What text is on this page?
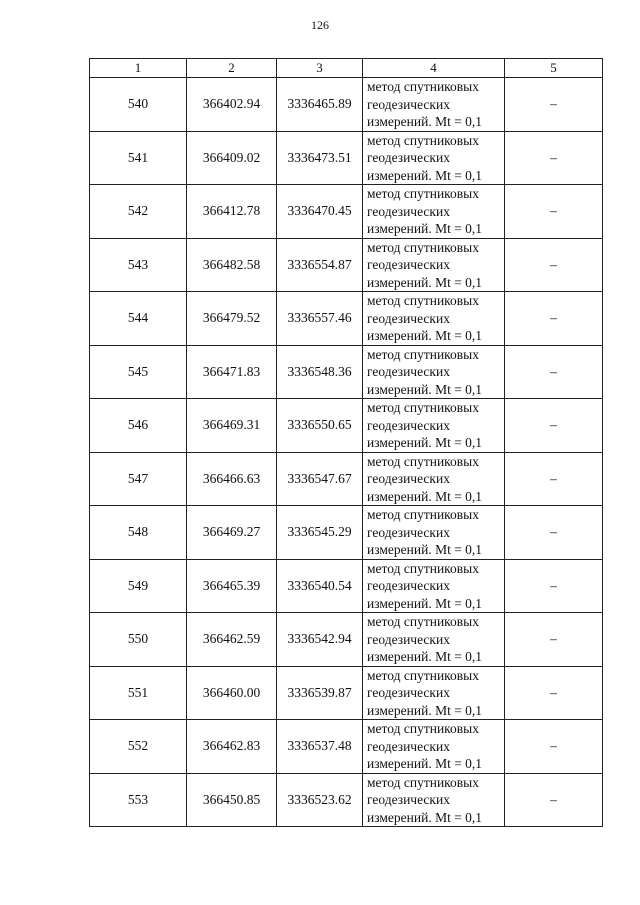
126
1	2	3	4	5
540	366402.94	3336465.89	метод спутниковых
геодезических
измерений. Mt = 0,1	–
541	366409.02	3336473.51	метод спутниковых
геодезических
измерений. Mt = 0,1	–
542	366412.78	3336470.45	метод спутниковых
геодезических
измерений. Mt = 0,1	–
543	366482.58	3336554.87	метод спутниковых
геодезических
измерений. Mt = 0,1	–
544	366479.52	3336557.46	метод спутниковых
геодезических
измерений. Mt = 0,1	–
545	366471.83	3336548.36	метод спутниковых
геодезических
измерений. Mt = 0,1	–
546	366469.31	3336550.65	метод спутниковых
геодезических
измерений. Mt = 0,1	–
547	366466.63	3336547.67	метод спутниковых
геодезических
измерений. Mt = 0,1	–
548	366469.27	3336545.29	метод спутниковых
геодезических
измерений. Mt = 0,1	–
549	366465.39	3336540.54	метод спутниковых
геодезических
измерений. Mt = 0,1	–
550	366462.59	3336542.94	метод спутниковых
геодезических
измерений. Mt = 0,1	–
551	366460.00	3336539.87	метод спутниковых
геодезических
измерений. Mt = 0,1	–
552	366462.83	3336537.48	метод спутниковых
геодезических
измерений. Mt = 0,1	–
553	366450.85	3336523.62	метод спутниковых
геодезических
измерений. Mt = 0,1	–
